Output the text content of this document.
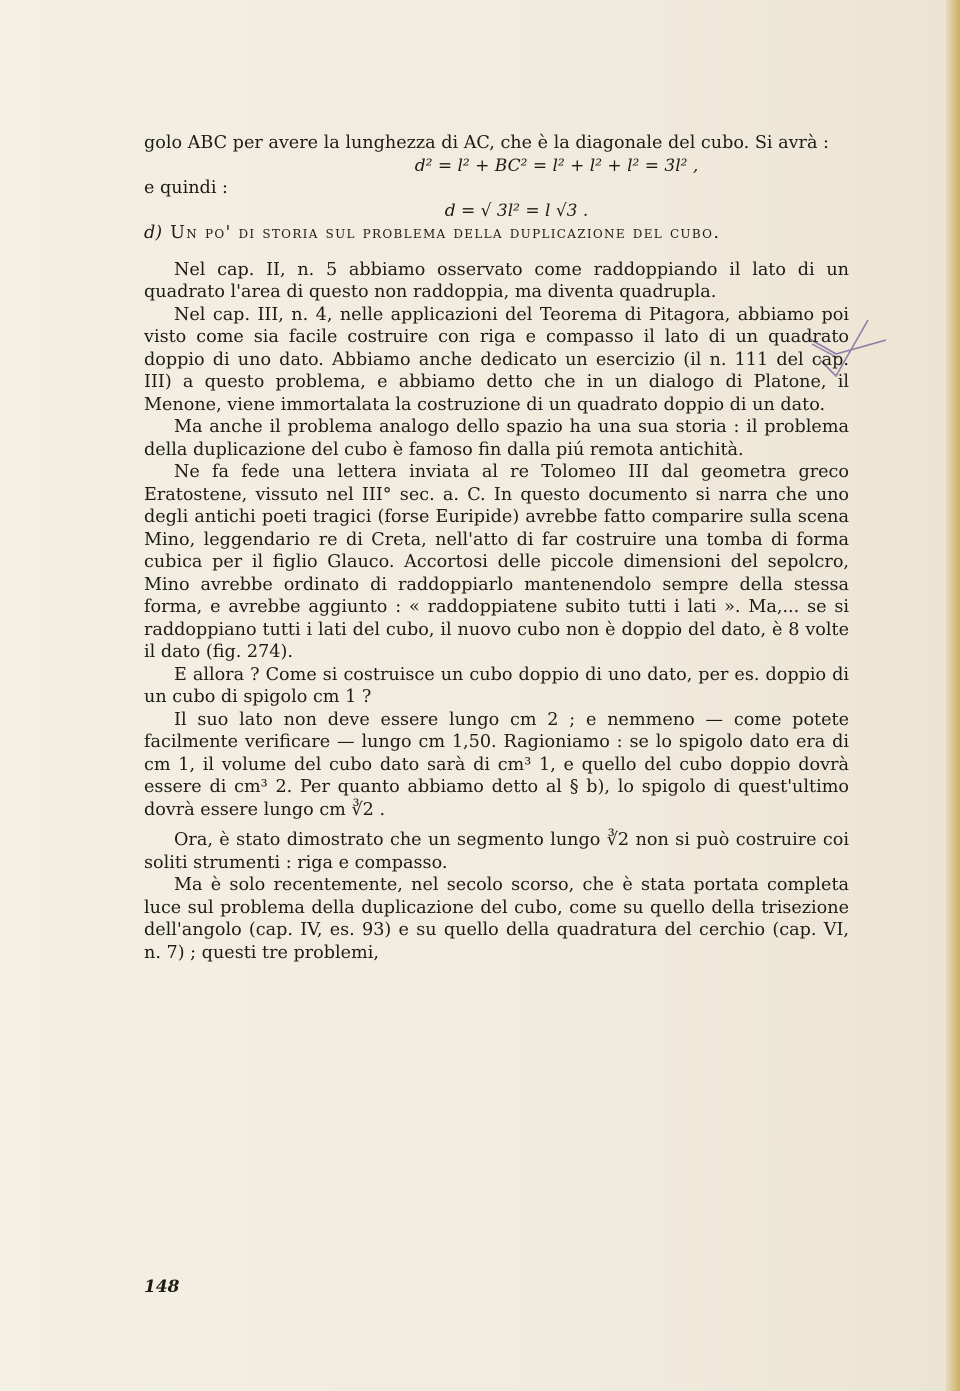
golo ABC per avere la lunghezza di AC, che è la diagonale del cubo. Si avrà :

d² = l² + BC² = l² + l² + l² = 3l² ,

e quindi :

d = √ 3l² = l √3 .

d) Un po' di storia sul problema della duplicazione del cubo.

Nel cap. II, n. 5 abbiamo osservato come raddoppiando il lato di un quadrato l'area di questo non raddoppia, ma diventa quadrupla.

Nel cap. III, n. 4, nelle applicazioni del Teorema di Pitagora, abbiamo poi visto come sia facile costruire con riga e compasso il lato di un quadrato doppio di uno dato. Abbiamo anche dedicato un esercizio (il n. 111 del cap. III) a questo problema, e abbiamo detto che in un dialogo di Platone, il Menone, viene immortalata la costruzione di un quadrato doppio di un dato.

Ma anche il problema analogo dello spazio ha una sua storia : il problema della duplicazione del cubo è famoso fin dalla piú remota antichità.

Ne fa fede una lettera inviata al re Tolomeo III dal geometra greco Eratostene, vissuto nel III° sec. a. C. In questo documento si narra che uno degli antichi poeti tragici (forse Euripide) avrebbe fatto comparire sulla scena Mino, leggendario re di Creta, nell'atto di far costruire una tomba di forma cubica per il figlio Glauco. Accortosi delle piccole dimensioni del sepolcro, Mino avrebbe ordinato di raddoppiarlo mantenendolo sempre della stessa forma, e avrebbe aggiunto : « raddoppiatene subito tutti i lati ». Ma,... se si raddoppiano tutti i lati del cubo, il nuovo cubo non è doppio del dato, è 8 volte il dato (fig. 274).

E allora ? Come si costruisce un cubo doppio di uno dato, per es. doppio di un cubo di spigolo cm 1 ?

Il suo lato non deve essere lungo cm 2 ; e nemmeno — come potete facilmente verificare — lungo cm 1,50. Ragioniamo : se lo spigolo dato era di cm 1, il volume del cubo dato sarà di cm³ 1, e quello del cubo doppio dovrà essere di cm³ 2. Per quanto abbiamo detto al § b), lo spigolo di quest'ultimo dovrà essere lungo cm ∛2 .

Ora, è stato dimostrato che un segmento lungo ∛2 non si può costruire coi soliti strumenti : riga e compasso.

Ma è solo recentemente, nel secolo scorso, che è stata portata completa luce sul problema della duplicazione del cubo, come su quello della trisezione dell'angolo (cap. IV, es. 93) e su quello della quadratura del cerchio (cap. VI, n. 7) ; questi tre problemi,

148
